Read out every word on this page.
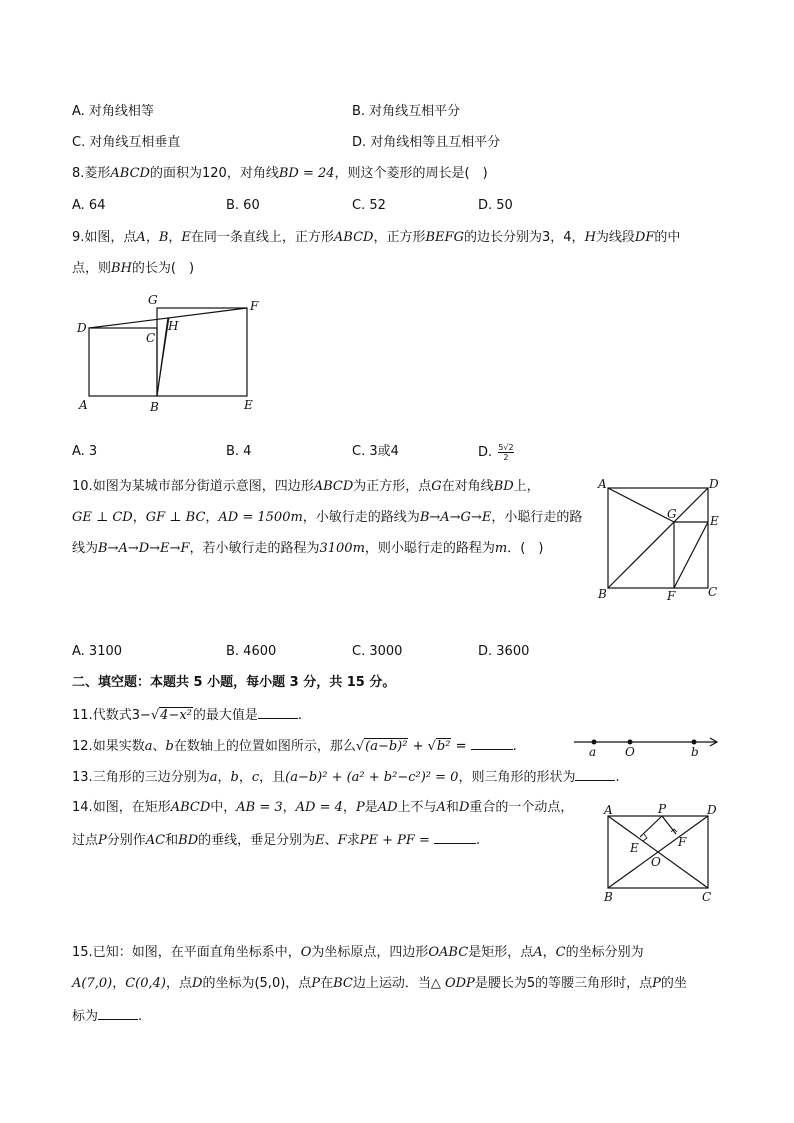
A. 对角线相等	B. 对角线互相平分
C. 对角线互相垂直	D. 对角线相等且互相平分
8.菱形ABCD的面积为120，对角线BD = 24，则这个菱形的周长是(　)
A. 64	B. 60	C. 52	D. 50
9.如图，点A，B，E在同一条直线上，正方形ABCD，正方形BEFG的边长分别为3，4，H为线段DF的中
点，则BH的长为(　)
G	F
D	H
C
A	B	E
A. 3	B. 4	C. 3或4	D. $\frac{5√2}{2}$
10.如图为某城市部分街道示意图，四边形ABCD为正方形，点G在对角线BD上，
GE ⊥ CD，GF ⊥ BC，AD = 1500m，小敏行走的路线为B→A→G→E，小聪行走的路
线为B→A→D→E→F，若小敏行走的路程为3100m，则小聪行走的路程为m．(　)
A	D
G	E
B	F	C
A. 3100	B. 4600	C. 3000	D. 3600
二、填空题：本题共 5 小题，每小题 3 分，共 15 分。
11.代数式3−√4−x²的最大值是	.
12.如果实数a、b在数轴上的位置如图所示，那么√(a−b)² + √b² =	.	a O	b
13.三角形的三边分别为a，b，c，且(a−b)² + (a² + b²−c²)² = 0，则三角形的形状为	.
14.如图，在矩形ABCD中，AB = 3，AD = 4，P是AD上不与A和D重合的一个动点，
过点P分别作AC和BD的垂线，垂足分别为E、F求PE + PF =	.
A	P	D
E	F
O
B	C
15.已知：如图，在平面直角坐标系中，O为坐标原点，四边形OABC是矩形，点A，C的坐标分别为
A(7,0)，C(0,4)，点D的坐标为(5,0)，点P在BC边上运动．当△ ODP是腰长为5的等腰三角形时，点P的坐
标为	.
